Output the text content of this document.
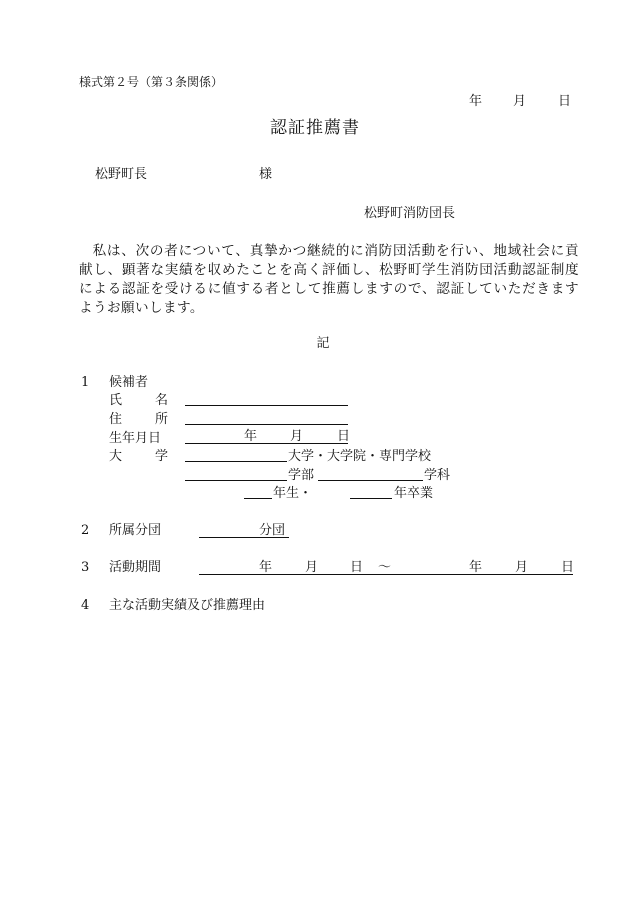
様式第２号（第３条関係）
年 月 日
認証推薦書
松野町長	様
松野町消防団長

私は、次の者について、真摯かつ継続的に消防団活動を行い、地域社会に貢献し、顕著な実績を収めたことを高く評価し、松野町学生消防団活動認証制度による認証を受けるに値する者として推薦しますので、認証していただきますようお願いします。

記
1 候補者
氏	名
住	所
生年月日	年	月	日
大	学	大学・大学院・専門学校
学部	学科
年生・	年卒業
2 所属分団	分団
3 活動期間	年	月 日 ～	年	月	日
4 主な活動実績及び推薦理由
